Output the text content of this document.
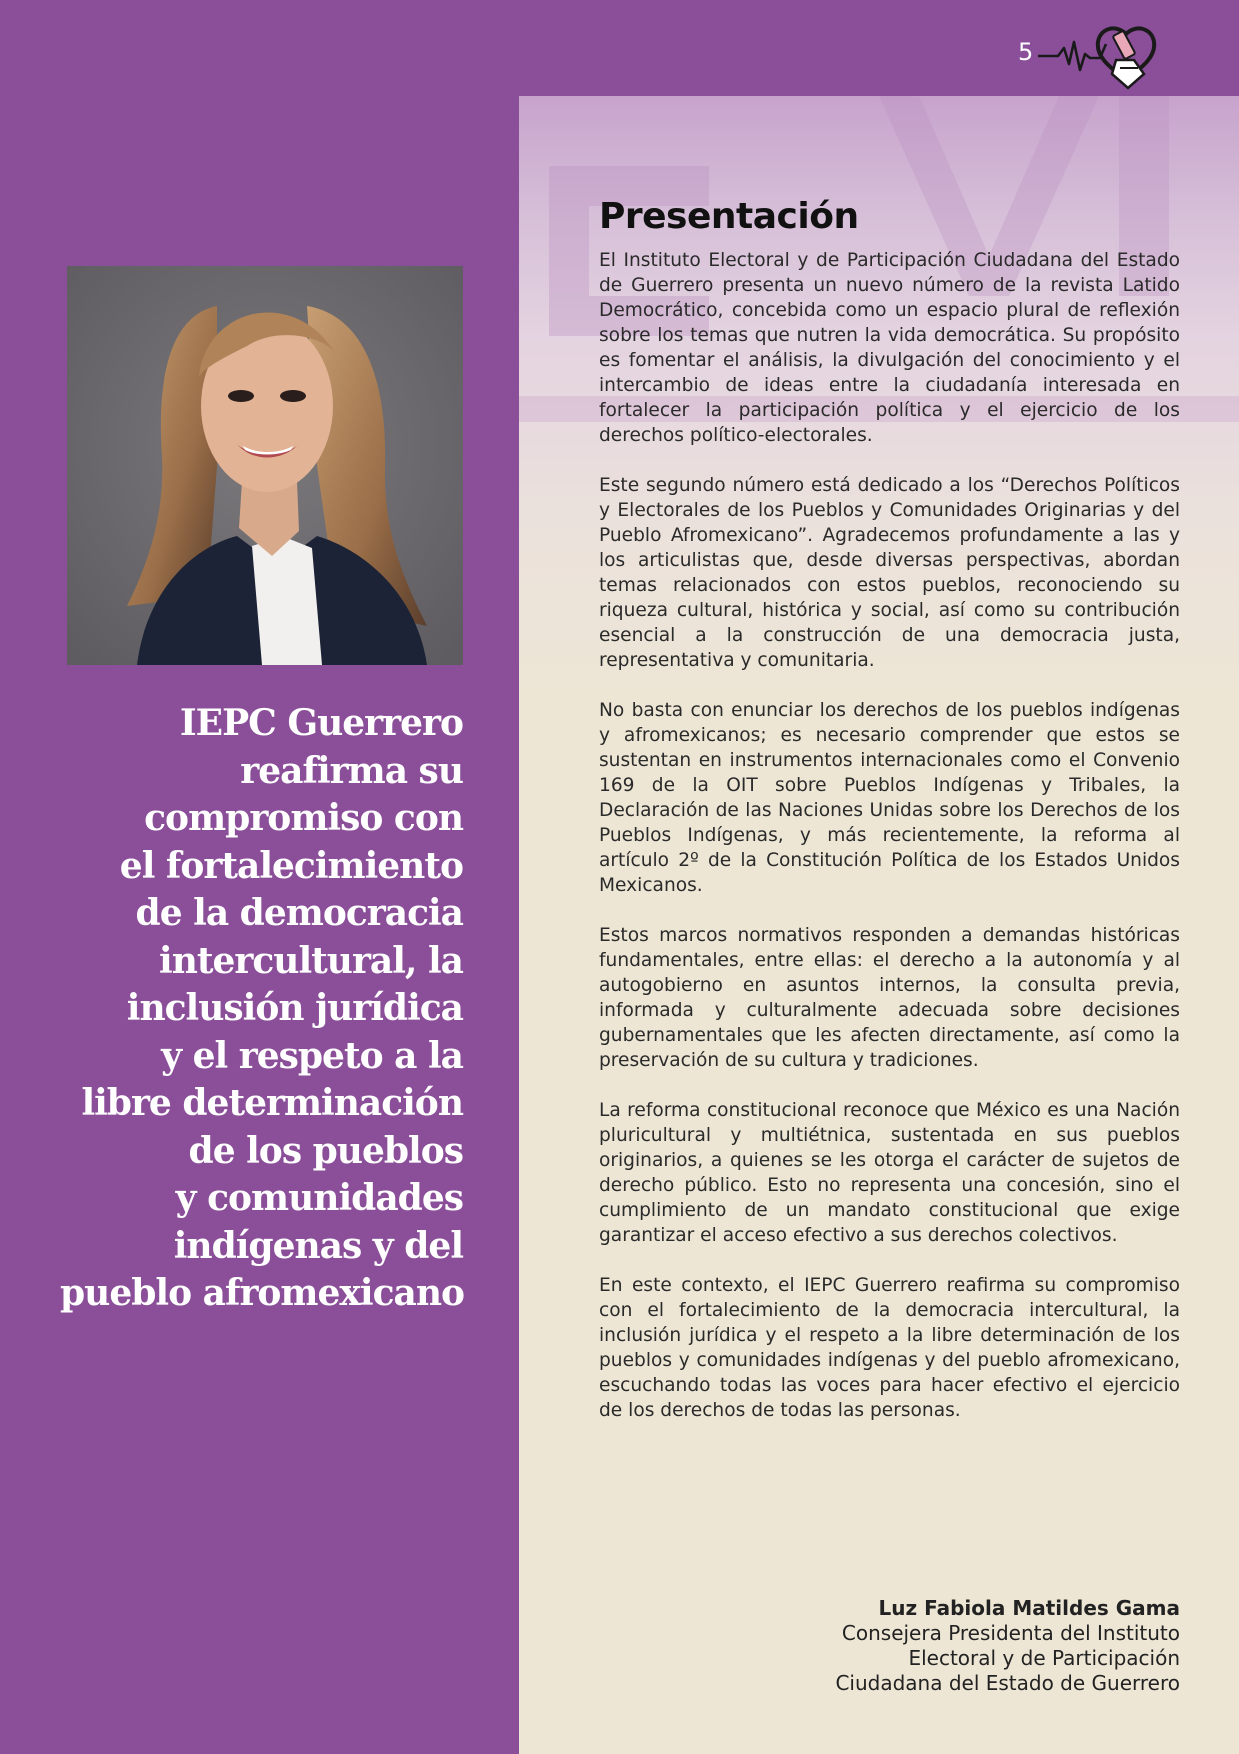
5
IEPC Guerrero
reafirma su
compromiso con
el fortalecimiento
de la democracia
intercultural, la
inclusión jurídica
y el respeto a la
libre determinación
de los pueblos
y comunidades
indígenas y del
pueblo afromexicano
Presentación

El Instituto Electoral y de Participación Ciudadana del Estado de Guerrero presenta un nuevo número de la revista Latido Democrático, concebida como un espacio plural de reflexión sobre los temas que nutren la vida democrática. Su propósito es fomentar el análisis, la divulgación del conocimiento y el intercambio de ideas entre la ciudadanía interesada en fortalecer la participación política y el ejercicio de los derechos político-electorales.

Este segundo número está dedicado a los “Derechos Políticos y Electorales de los Pueblos y Comunidades Originarias y del Pueblo Afromexicano”. Agradecemos profundamente a las y los articulistas que, desde diversas perspectivas, abordan temas relacionados con estos pueblos, reconociendo su riqueza cultural, histórica y social, así como su contribución esencial a la construcción de una democracia justa, representativa y comunitaria.

No basta con enunciar los derechos de los pueblos indígenas y afromexicanos; es necesario comprender que estos se sustentan en instrumentos internacionales como el Convenio 169 de la OIT sobre Pueblos Indígenas y Tribales, la Declaración de las Naciones Unidas sobre los Derechos de los Pueblos Indígenas, y más recientemente, la reforma al artículo 2º de la Constitución Política de los Estados Unidos Mexicanos.

Estos marcos normativos responden a demandas históricas fundamentales, entre ellas: el derecho a la autonomía y al autogobierno en asuntos internos, la consulta previa, informada y culturalmente adecuada sobre decisiones gubernamentales que les afecten directamente, así como la preservación de su cultura y tradiciones.

La reforma constitucional reconoce que México es una Nación pluricultural y multiétnica, sustentada en sus pueblos originarios, a quienes se les otorga el carácter de sujetos de derecho público. Esto no representa una concesión, sino el cumplimiento de un mandato constitucional que exige garantizar el acceso efectivo a sus derechos colectivos.

En este contexto, el IEPC Guerrero reafirma su compromiso con el fortalecimiento de la democracia intercultural, la inclusión jurídica y el respeto a la libre determinación de los pueblos y comunidades indígenas y del pueblo afromexicano, escuchando todas las voces para hacer efectivo el ejercicio de los derechos de todas las personas.

Luz Fabiola Matildes Gama
Consejera Presidenta del Instituto
Electoral y de Participación
Ciudadana del Estado de Guerrero
